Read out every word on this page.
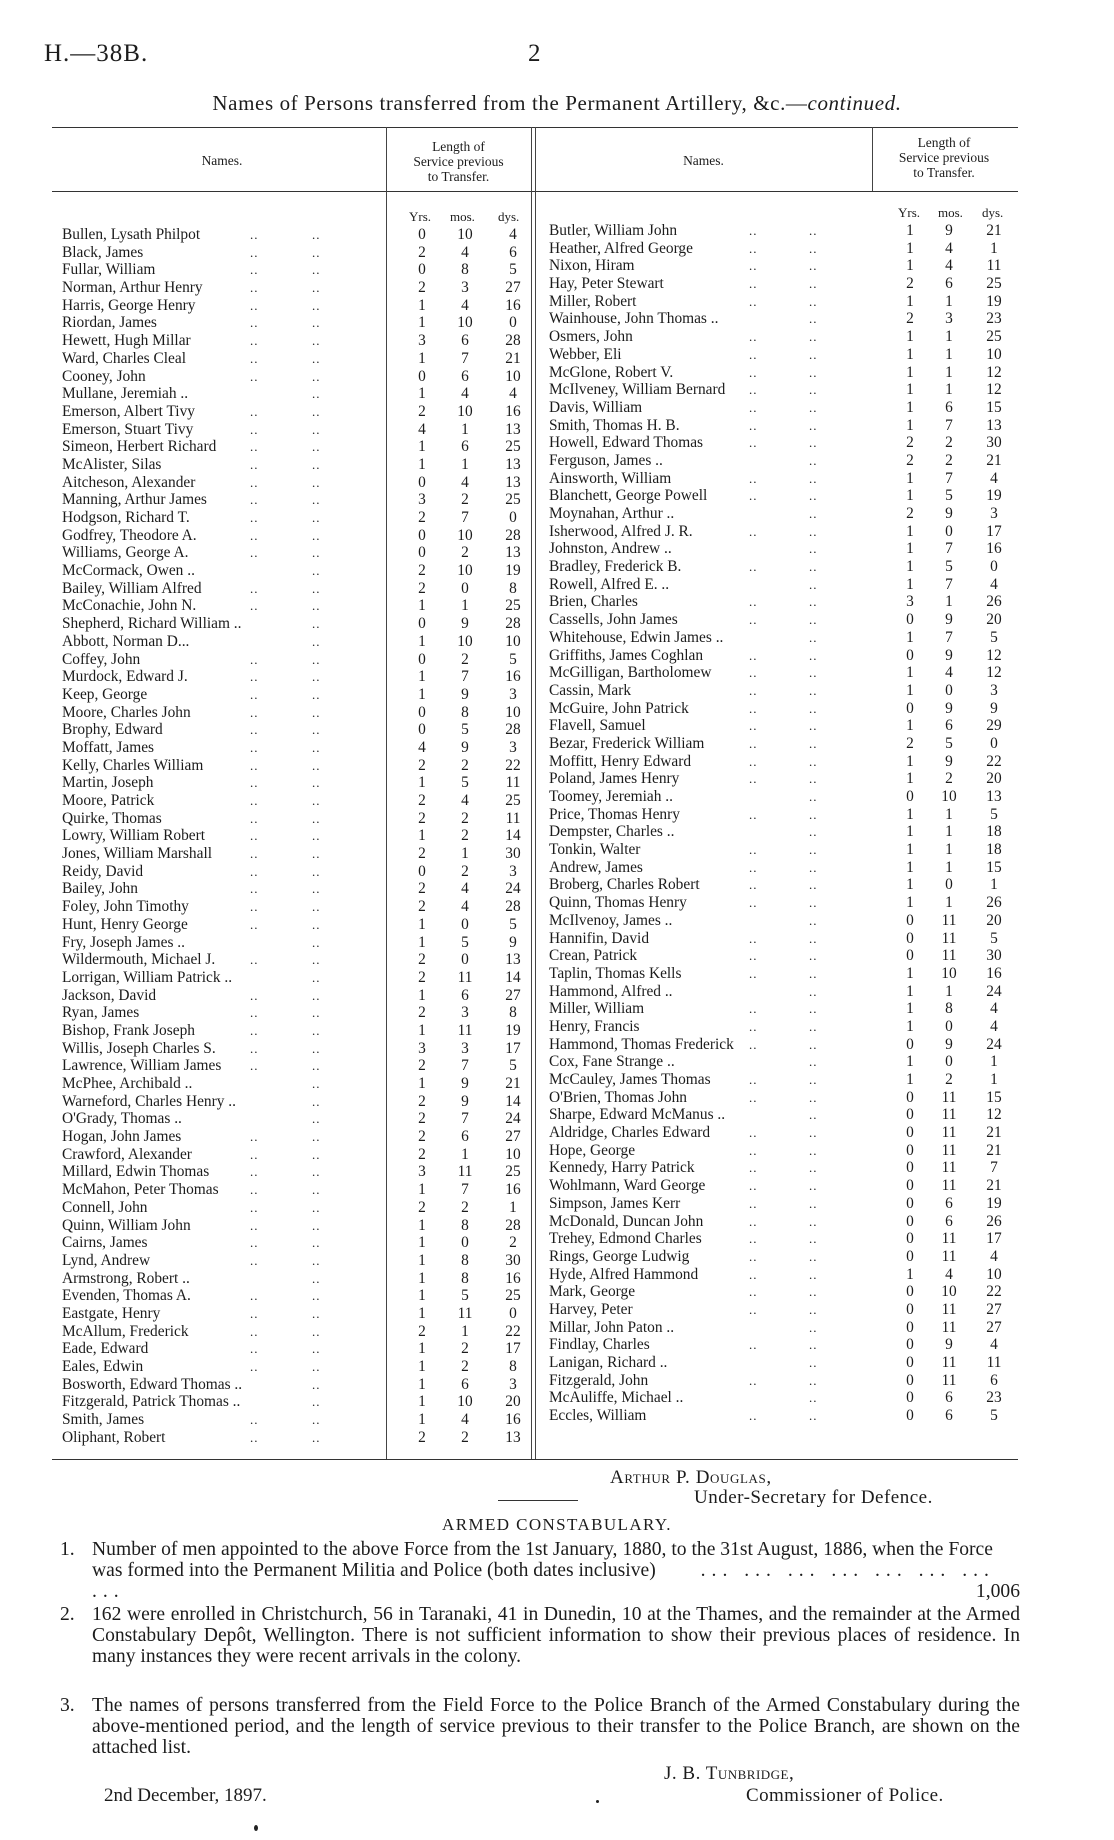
H.—38B.	2
Names of Persons transferred from the Permanent Artillery, &c.—continued.
Names.
Length of
Service previous
to Transfer.
Names.
Length of
Service previous
to Transfer.
Yrs. mos. dys.	Yrs. mos. dys.
Bullen, Lysath Philpot	..	..	0	10	4
Black, James	..	..	2	4	6
Fullar, William	..	..	0	8	5
Norman, Arthur Henry	..	..	2	3	27
Harris, George Henry	..	..	1	4	16
Riordan, James	..	..	1	10	0
Hewett, Hugh Millar	..	..	3	6	28
Ward, Charles Cleal	..	..	1	7	21
Cooney, John	..	..	0	6	10
Mullane, Jeremiah ..	..	1	4	4
Emerson, Albert Tivy	..	..	2	10	16
Emerson, Stuart Tivy	..	..	4	1	13
Simeon, Herbert Richard	..	..	1	6	25
McAlister, Silas	..	..	1	1	13
Aitcheson, Alexander	..	..	0	4	13
Manning, Arthur James	..	..	3	2	25
Hodgson, Richard T.	..	..	2	7	0
Godfrey, Theodore A.	..	..	0	10	28
Williams, George A.	..	..	0	2	13
McCormack, Owen ..	..	2	10	19
Bailey, William Alfred	..	..	2	0	8
McConachie, John N.	..	..	1	1	25
Shepherd, Richard William ..	..	0	9	28
Abbott, Norman D...	..	1	10	10
Coffey, John	..	..	0	2	5
Murdock, Edward J.	..	..	1	7	16
Keep, George	..	..	1	9	3
Moore, Charles John	..	..	0	8	10
Brophy, Edward	..	..	0	5	28
Moffatt, James	..	..	4	9	3
Kelly, Charles William	..	..	2	2	22
Martin, Joseph	..	..	1	5	11
Moore, Patrick	..	..	2	4	25
Quirke, Thomas	..	..	2	2	11
Lowry, William Robert	..	..	1	2	14
Jones, William Marshall	..	..	2	1	30
Reidy, David	..	..	0	2	3
Bailey, John	..	..	2	4	24
Foley, John Timothy	..	..	2	4	28
Hunt, Henry George	..	..	1	0	5
Fry, Joseph James ..	..	1	5	9
Wildermouth, Michael J.	..	..	2	0	13
Lorrigan, William Patrick ..	..	2	11	14
Jackson, David	..	..	1	6	27
Ryan, James	..	..	2	3	8
Bishop, Frank Joseph	..	..	1	11	19
Willis, Joseph Charles S.	..	..	3	3	17
Lawrence, William James ..	..	2	7	5
McPhee, Archibald ..	..	1	9	21
Warneford, Charles Henry ..	..	2	9	14
O'Grady, Thomas ..	..	2	7	24
Hogan, John James	..	..	2	6	27
Crawford, Alexander	..	..	2	1	10
Millard, Edwin Thomas	..	..	3	11	25
McMahon, Peter Thomas ..	..	1	7	16
Connell, John	..	..	2	2	1
Quinn, William John	..	..	1	8	28
Cairns, James	..	..	1	0	2
Lynd, Andrew	..	..	1	8	30
Armstrong, Robert ..	..	1	8	16
Evenden, Thomas A.	..	..	1	5	25
Eastgate, Henry	..	..	1	11	0
McAllum, Frederick	..	..	2	1	22
Eade, Edward	..	..	1	2	17
Eales, Edwin	..	..	1	2	8
Bosworth, Edward Thomas ..	..	1	6	3
Fitzgerald, Patrick Thomas ..	..	1	10	20
Smith, James	..	..	1	4	16
Oliphant, Robert	..	..	2	2	13
Butler, William John	..	..	1	9	21
Heather, Alfred George	..	..	1	4	1
Nixon, Hiram	..	..	1	4	11
Hay, Peter Stewart	..	..	2	6	25
Miller, Robert	..	..	1	1	19
Wainhouse, John Thomas ..	..	2	3	23
Osmers, John	..	..	1	1	25
Webber, Eli	..	..	1	1	10
McGlone, Robert V.	..	..	1	1	12
McIlveney, William Bernard ..	..	1	1	12
Davis, William	..	..	1	6	15
Smith, Thomas H. B.	..	..	1	7	13
Howell, Edward Thomas	..	..	2	2	30
Ferguson, James ..	..	2	2	21
Ainsworth, William	..	..	1	7	4
Blanchett, George Powell	..	..	1	5	19
Moynahan, Arthur ..	..	2	9	3
Isherwood, Alfred J. R.	..	..	1	0	17
Johnston, Andrew ..	..	1	7	16
Bradley, Frederick B.	..	..	1	5	0
Rowell, Alfred E. ..	..	1	7	4
Brien, Charles	..	..	3	1	26
Cassells, John James	..	..	0	9	20
Whitehouse, Edwin James ..	..	1	7	5
Griffiths, James Coghlan	..	..	0	9	12
McGilligan, Bartholomew	..	..	1	4	12
Cassin, Mark	..	..	1	0	3
McGuire, John Patrick	..	..	0	9	9
Flavell, Samuel	..	..	1	6	29
Bezar, Frederick William	..	..	2	5	0
Moffitt, Henry Edward	..	..	1	9	22
Poland, James Henry	..	..	1	2	20
Toomey, Jeremiah ..	..	0	10	13
Price, Thomas Henry	..	..	1	1	5
Dempster, Charles ..	..	1	1	18
Tonkin, Walter	..	..	1	1	18
Andrew, James	..	..	1	1	15
Broberg, Charles Robert	..	..	1	0	1
Quinn, Thomas Henry	..	..	1	1	26
McIlvenoy, James ..	..	0	11	20
Hannifin, David	..	..	0	11	5
Crean, Patrick	..	..	0	11	30
Taplin, Thomas Kells	..	..	1	10	16
Hammond, Alfred ..	..	1	1	24
Miller, William	..	..	1	8	4
Henry, Francis	..	..	1	0	4
Hammond, Thomas Frederick ..	..	0	9	24
Cox, Fane Strange ..	..	1	0	1
McCauley, James Thomas	..	..	1	2	1
O'Brien, Thomas John	..	..	0	11	15
Sharpe, Edward McManus ..	..	0	11	12
Aldridge, Charles Edward	..	..	0	11	21
Hope, George	..	..	0	11	21
Kennedy, Harry Patrick	..	..	0	11	7
Wohlmann, Ward George	..	..	0	11	21
Simpson, James Kerr	..	..	0	6	19
McDonald, Duncan John	..	..	0	6	26
Trehey, Edmond Charles	..	..	0	11	17
Rings, George Ludwig	..	..	0	11	4
Hyde, Alfred Hammond	..	..	1	4	10
Mark, George	..	..	0	10	22
Harvey, Peter	..	..	0	11	27
Millar, John Paton ..	..	0	11	27
Findlay, Charles	..	..	0	9	4
Lanigan, Richard ..	..	0	11	11
Fitzgerald, John	..	..	0	11	6
McAuliffe, Michael ..	..	0	6	23
Eccles, William	..	..	0	6	5
Arthur P. Douglas,
Under-Secretary for Defence.
ARMED CONSTABULARY.
1. Number of men appointed to the above Force from the 1st January, 1880, to the 31st August, 1886, when the Force was formed into the Permanent Militia and Police (both dates inclusive) ... ... ... ... ... ... ... ...	1,006
2. 162 were enrolled in Christchurch, 56 in Taranaki, 41 in Dunedin, 10 at the Thames, and the remainder at the Armed Constabulary Depôt, Wellington. There is not sufficient information to show their previous places of residence. In many instances they were recent arrivals in the colony.
3. The names of persons transferred from the Field Force to the Police Branch of the Armed Constabulary during the above-mentioned period, and the length of service previous to their transfer to the Police Branch, are shown on the attached list.
J. B. Tunbridge,
2nd December, 1897.	Commissioner of Police.
